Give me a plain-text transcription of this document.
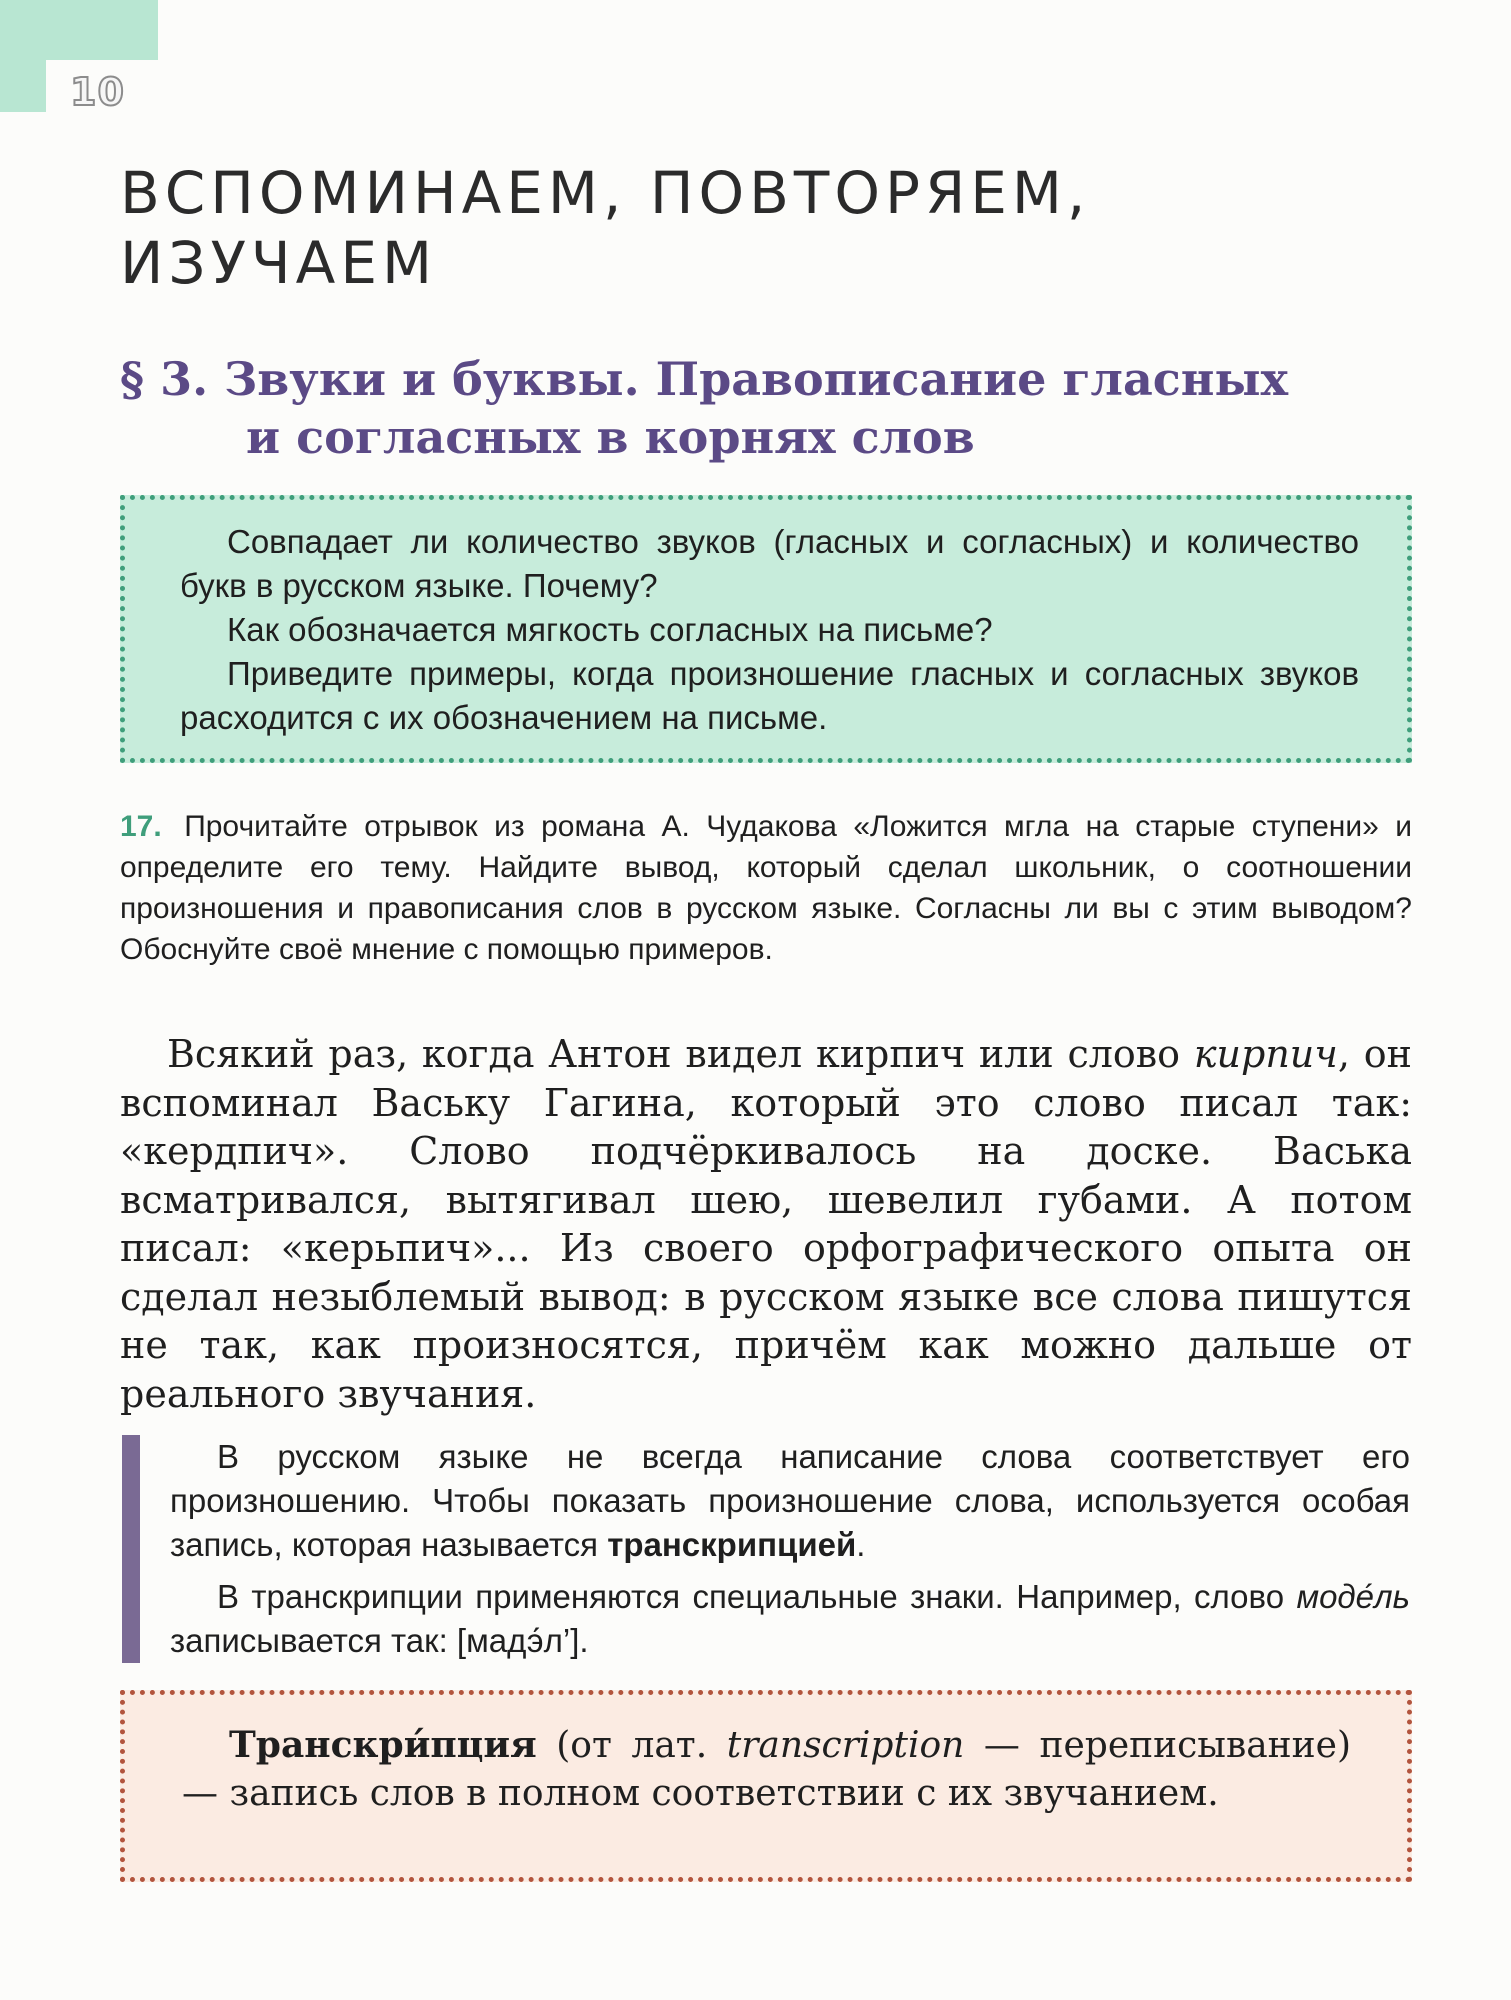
10
ВСПОМИНАЕМ, ПОВТОРЯЕМ, ИЗУЧАЕМ
§ 3. Звуки и буквы. Правописание гласных
и согласных в корнях слов

Совпадает ли количество звуков (гласных и согласных) и количество букв в русском языке. Почему?

Как обозначается мягкость согласных на письме?

Приведите примеры, когда произношение гласных и согласных звуков расходится с их обозначением на письме.

17. Прочитайте отрывок из романа А. Чудакова «Ложится мгла на старые ступени» и определите его тему. Найдите вывод, который сделал школьник, о соотношении произношения и правописания слов в русском языке. Согласны ли вы с этим выводом? Обоснуйте своё мнение с помощью примеров.

Всякий раз, когда Антон видел кирпич или слово кирпич, он вспоминал Ваську Гагина, который это слово писал так: «кердпич». Слово подчёркивалось на доске. Васька всматривался, вытягивал шею, шевелил губами. А потом писал: «керьпич»... Из своего орфографического опыта он сделал незыблемый вывод: в русском языке все слова пишутся не так, как произносятся, причём как можно дальше от реального звучания.

В русском языке не всегда написание слова соответствует его произношению. Чтобы показать произношение слова, используется особая запись, которая называется транскрипцией.

В транскрипции применяются специальные знаки. Например, слово моде́ль записывается так: [мадэ́л’].

Транскри́пция (от лат. transcription — переписывание) — запись слов в полном соответствии с их звучанием.
